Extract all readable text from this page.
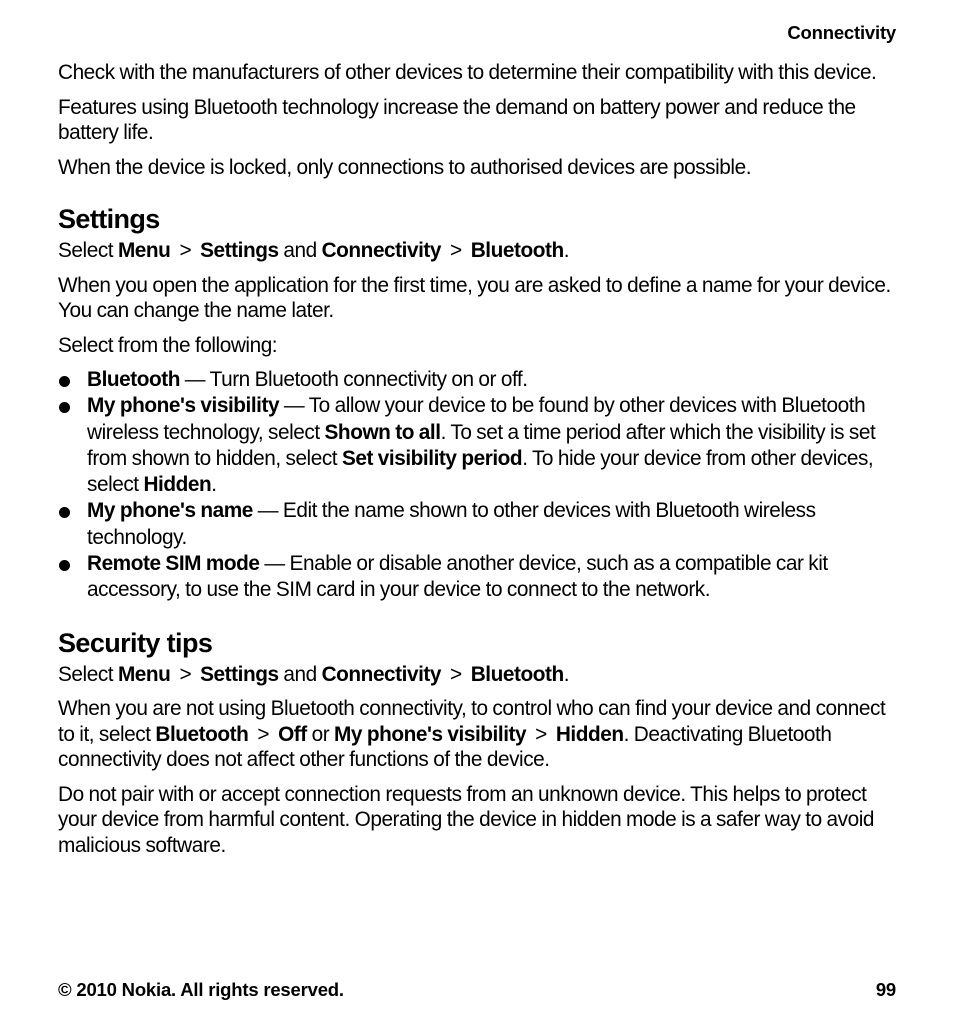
Connectivity

Check with the manufacturers of other devices to determine their compatibility with this device.

Features using Bluetooth technology increase the demand on battery power and reduce the battery life.

When the device is locked, only connections to authorised devices are possible.

Settings

Select Menu > Settings and Connectivity > Bluetooth.

When you open the application for the first time, you are asked to define a name for your device. You can change the name later.

Select from the following:

Bluetooth — Turn Bluetooth connectivity on or off.
My phone's visibility — To allow your device to be found by other devices with Bluetooth wireless technology, select Shown to all. To set a time period after which the visibility is set from shown to hidden, select Set visibility period. To hide your device from other devices, select Hidden.
My phone's name — Edit the name shown to other devices with Bluetooth wireless technology.
Remote SIM mode — Enable or disable another device, such as a compatible car kit accessory, to use the SIM card in your device to connect to the network.
Security tips

Select Menu > Settings and Connectivity > Bluetooth.

When you are not using Bluetooth connectivity, to control who can find your device and connect to it, select Bluetooth > Off or My phone's visibility > Hidden. Deactivating Bluetooth connectivity does not affect other functions of the device.

Do not pair with or accept connection requests from an unknown device. This helps to protect your device from harmful content. Operating the device in hidden mode is a safer way to avoid malicious software.

© 2010 Nokia. All rights reserved.	99
